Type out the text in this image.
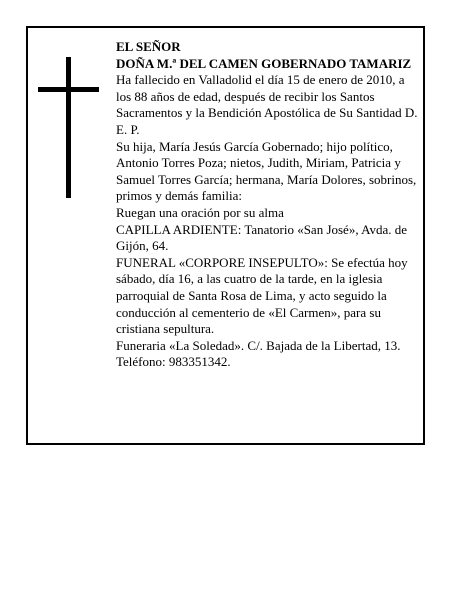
EL SEÑOR

DOÑA M.ª DEL CAMEN GOBERNADO TAMARIZ

Ha fallecido en Valladolid el día 15 de enero de 2010, a los 88 años de edad, después de recibir los Santos Sacramentos y la Bendición Apostólica de Su Santidad D. E. P.

Su hija, María Jesús García Gobernado; hijo político, Antonio Torres Poza; nietos, Judith, Miriam, Patricia y Samuel Torres García; hermana, María Dolores, sobrinos, primos y demás familia:

Ruegan una oración por su alma

CAPILLA ARDIENTE: Tanatorio «San José», Avda. de Gijón, 64.

FUNERAL «CORPORE INSEPULTO»: Se efectúa hoy sábado, día 16, a las cuatro de la tarde, en la iglesia parroquial de Santa Rosa de Lima, y acto seguido la conducción al cementerio de «El Carmen», para su cristiana sepultura.

Funeraria «La Soledad». C/. Bajada de la Libertad, 13. Teléfono: 983351342.
